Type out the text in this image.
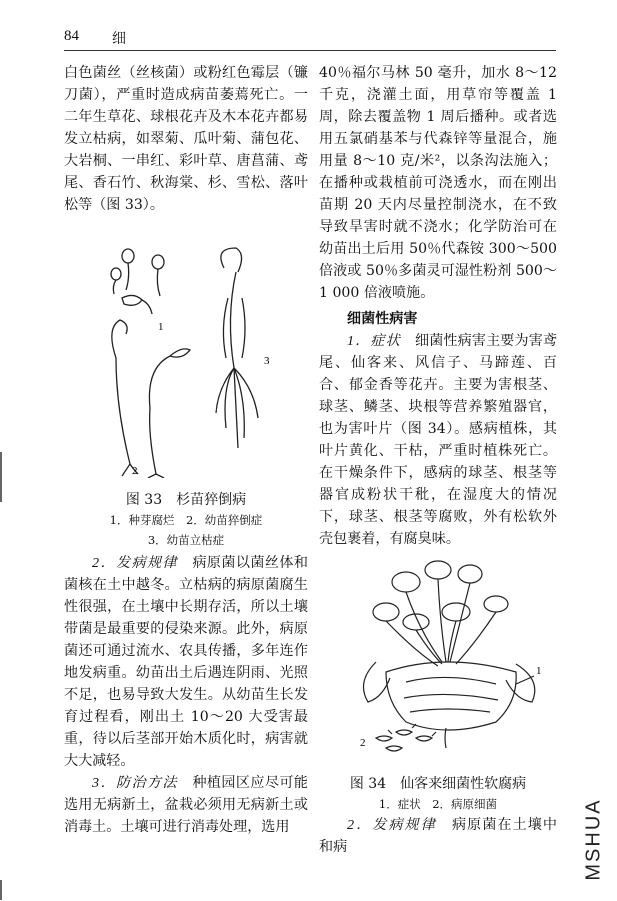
84 细

白色菌丝（丝核菌）或粉红色霉层（镰刀菌），严重时造成病苗萎蔫死亡。一二年生草花、球根花卉及木本花卉都易发立枯病，如翠菊、瓜叶菊、蒲包花、大岩桐、一串红、彩叶草、唐菖蒲、鸢尾、香石竹、秋海棠、杉、雪松、落叶松等（图 33）。

1
2
3
图 33　杉苗猝倒病
1．种芽腐烂　2．幼苗猝倒症
3．幼苗立枯症

2．发病规律　 病原菌以菌丝体和菌核在土中越冬。立枯病的病原菌腐生性很强，在土壤中长期存活，所以土壤带菌是最重要的侵染来源。此外，病原菌还可通过流水、农具传播，多年连作地发病重。幼苗出土后遇连阴雨、光照不足，也易导致大发生。从幼苗生长发育过程看，刚出土 10～20 大受害最重，待以后茎部开始木质化时，病害就大大减轻。

3．防治方法　 种植园区应尽可能选用无病新土，盆栽必须用无病新土或消毒土。土壤可进行消毒处理，选用

40％福尔马林 50 毫升，加水 8～12 千克，浇灌土面，用草帘等覆盖 1 周，除去覆盖物 1 周后播种。或者选用五氯硝基苯与代森锌等量混合，施用量 8～10 克/米²，以条沟法施入；在播种或栽植前可浇透水，而在刚出苗期 20 天内尽量控制浇水，在不致导致旱害时就不浇水；化学防治可在幼苗出土后用 50％代森铵 300～500 倍液或 50％多菌灵可湿性粉剂 500～1 000 倍液喷施。

细菌性病害

1．症状　 细菌性病害主要为害鸢尾、仙客来、风信子、马蹄莲、百合、郁金香等花卉。主要为害根茎、球茎、鳞茎、块根等营养繁殖器官，也为害叶片（图 34）。感病植株，其叶片黄化、干枯，严重时植株死亡。在干燥条件下，感病的球茎、根茎等器官成粉状干秕，在湿度大的情况下，球茎、根茎等腐败，外有松软外壳包裹着，有腐臭味。

1
2
图 34　仙客来细菌性软腐病
1．症状　2．病原细菌

2．发病规律　 病原菌在土壤中和病	MSHUA
